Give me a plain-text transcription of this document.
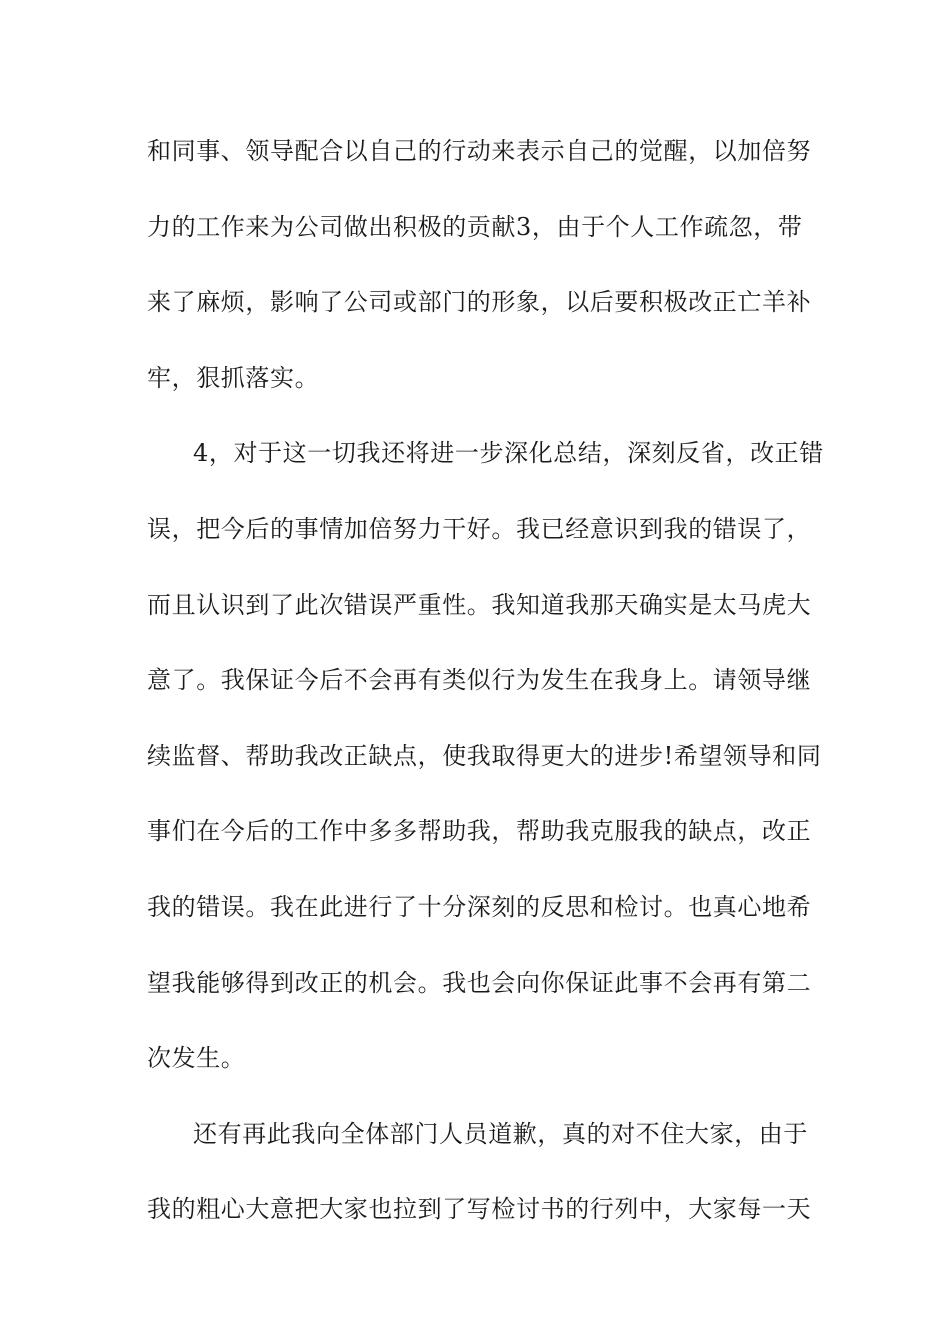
和同事、领导配合以自己的行动来表示自己的觉醒，以加倍努
力的工作来为公司做出积极的贡献3，由于个人工作疏忽，带
来了麻烦，影响了公司或部门的形象，以后要积极改正亡羊补
牢，狠抓落实。
4，对于这一切我还将进一步深化总结，深刻反省，改正错
误，把今后的事情加倍努力干好。我已经意识到我的错误了，
而且认识到了此次错误严重性。我知道我那天确实是太马虎大
意了。我保证今后不会再有类似行为发生在我身上。请领导继
续监督、帮助我改正缺点，使我取得更大的进步!希望领导和同
事们在今后的工作中多多帮助我，帮助我克服我的缺点，改正
我的错误。我在此进行了十分深刻的反思和检讨。也真心地希
望我能够得到改正的机会。我也会向你保证此事不会再有第二
次发生。
还有再此我向全体部门人员道歉，真的对不住大家，由于
我的粗心大意把大家也拉到了写检讨书的行列中，大家每一天
